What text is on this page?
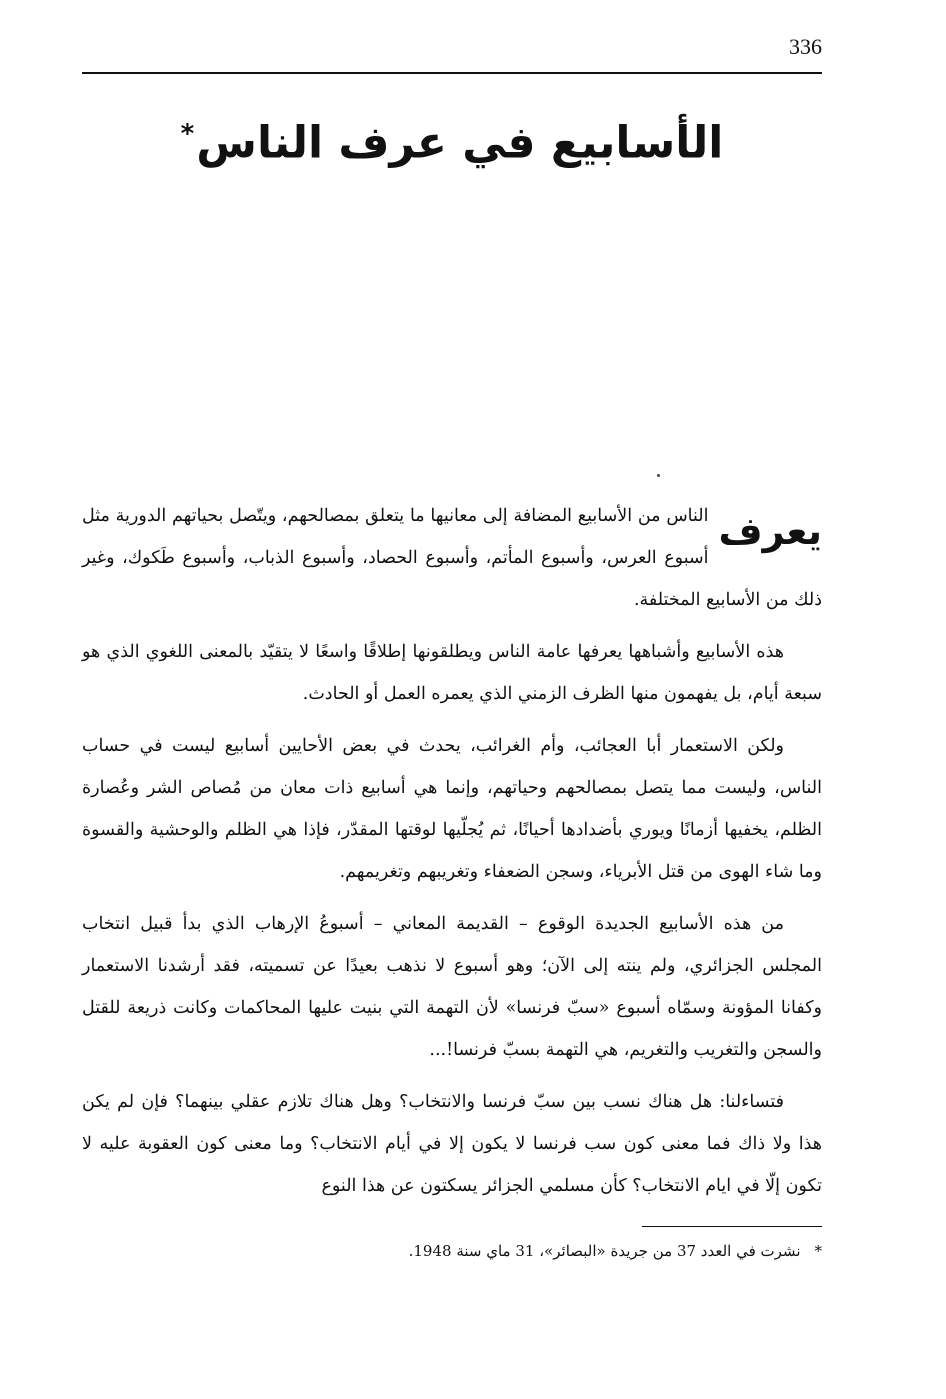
336
الأسابيع في عرف الناس*

يعرف
الناس من الأسابيع المضافة إلى معانيها ما يتعلق بمصالحهم، ويتّصل بحياتهم الدورية مثل أسبوع العرس، وأسبوع المأتم، وأسبوع الحصاد، وأسبوع الذباب، وأسبوع طَكوك، وغير ذلك من الأسابيع المختلفة.

هذه الأسابيع وأشباهها يعرفها عامة الناس ويطلقونها إطلاقًا واسعًا لا يتقيّد بالمعنى اللغوي الذي هو سبعة أيام، بل يفهمون منها الظرف الزمني الذي يعمره العمل أو الحادث.

ولكن الاستعمار أبا العجائب، وأم الغرائب، يحدث في بعض الأحايين أسابيع ليست في حساب الناس، وليست مما يتصل بمصالحهم وحياتهم، وإنما هي أسابيع ذات معان من مُصاص الشر وعُصارة الظلم، يخفيها أزمانًا ويوري بأضدادها أحيانًا، ثم يُجلّيها لوقتها المقدّر، فإذا هي الظلم والوحشية والقسوة وما شاء الهوى من قتل الأبرياء، وسجن الضعفاء وتغريبهم وتغريمهم.

من هذه الأسابيع الجديدة الوقوع – القديمة المعاني – أسبوعُ الإرهاب الذي بدأ قبيل انتخاب المجلس الجزائري، ولم ينته إلى الآن؛ وهو أسبوع لا نذهب بعيدًا عن تسميته، فقد أرشدنا الاستعمار وكفانا المؤونة وسمّاه أسبوع «سبّ فرنسا» لأن التهمة التي بنيت عليها المحاكمات وكانت ذريعة للقتل والسجن والتغريب والتغريم، هي التهمة بسبّ فرنسا!...

فتساءلنا: هل هناك نسب بين سبّ فرنسا والانتخاب؟ وهل هناك تلازم عقلي بينهما؟ فإن لم يكن هذا ولا ذاك فما معنى كون سب فرنسا لا يكون إلا في أيام الانتخاب؟ وما معنى كون العقوبة عليه لا تكون إلّا في ايام الانتخاب؟ كأن مسلمي الجزائر يسكتون عن هذا النوع

*نشرت في العدد 37 من جريدة «البصائر»، 31 ماي سنة 1948.
